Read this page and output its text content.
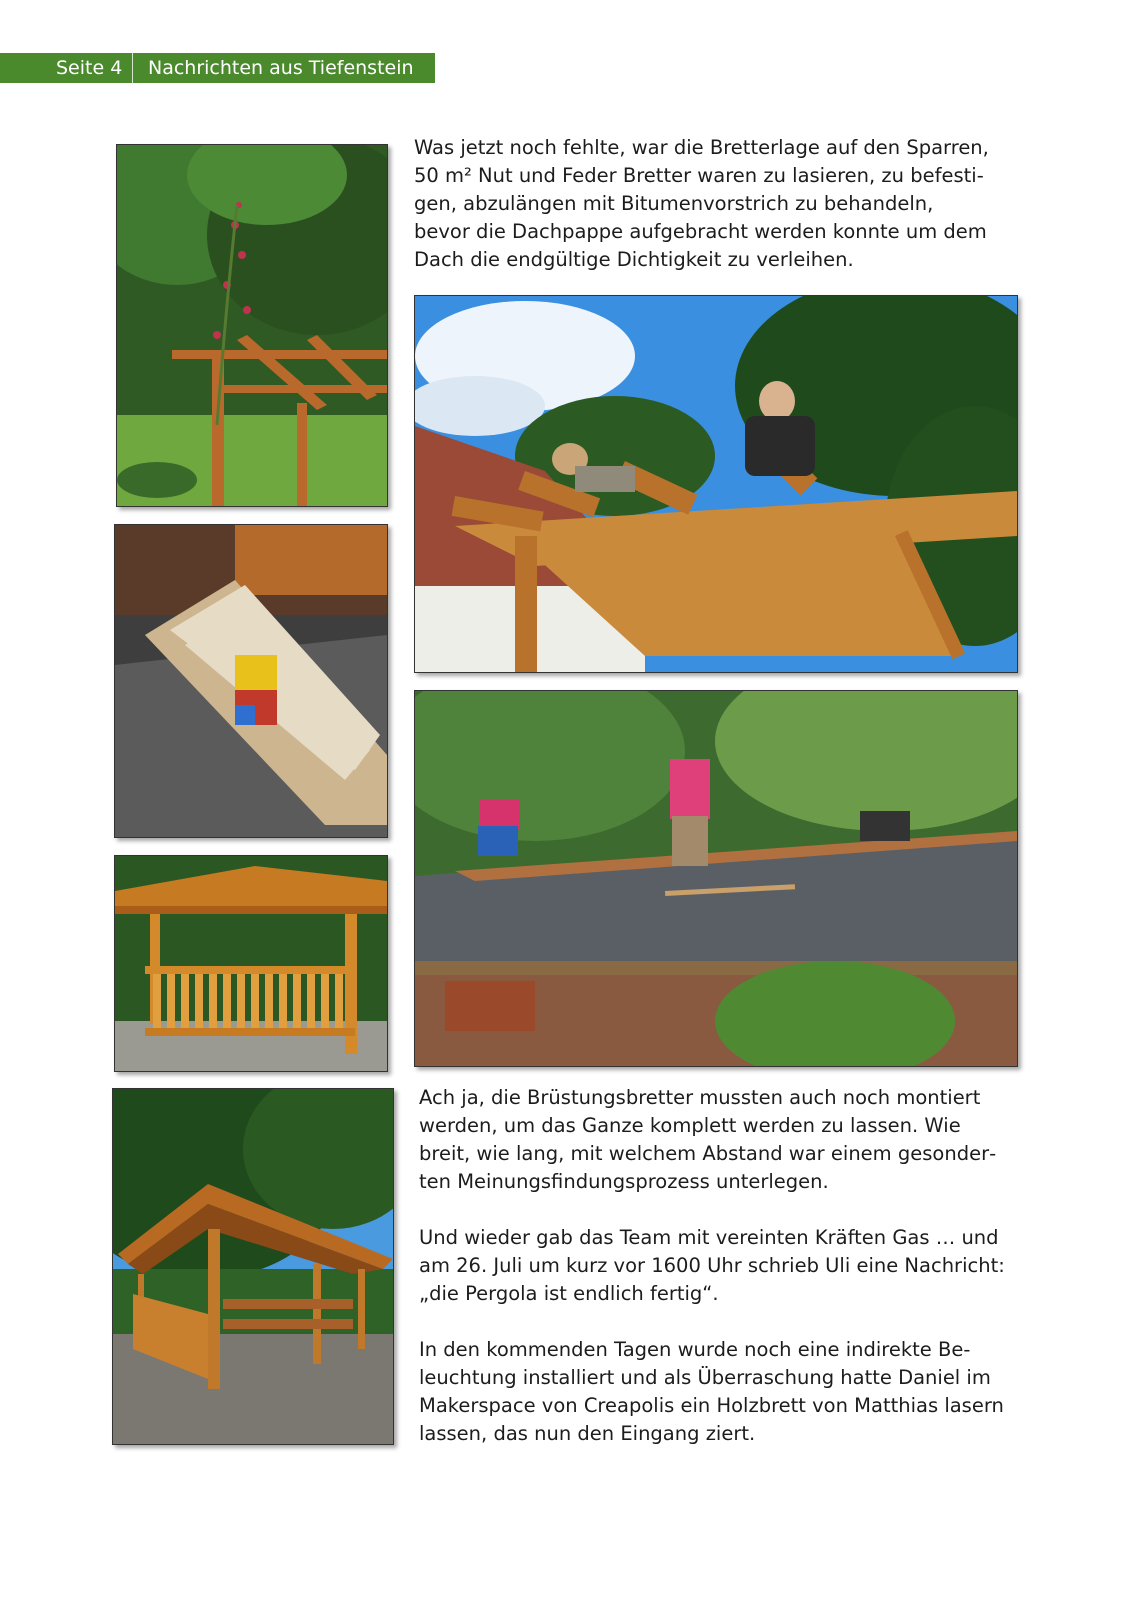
Seite 4	Nachrichten aus Tiefenstein

Was jetzt noch fehlte, war die Bretterlage auf den Sparren, 50 m² Nut und Feder Bretter waren zu lasieren, zu befestigen, abzulängen mit Bitumenvorstrich zu behandeln, bevor die Dachpappe aufgebracht werden konnte um dem Dach die endgültige Dichtigkeit zu verleihen.

Ach ja, die Brüstungsbretter mussten auch noch montiert werden, um das Ganze komplett werden zu lassen. Wie breit, wie lang, mit welchem Abstand war einem gesonderten Meinungsfindungsprozess unterlegen.

Und wieder gab das Team mit vereinten Kräften Gas … und am 26. Juli um kurz vor 1600 Uhr schrieb Uli eine Nachricht: „die Pergola ist endlich fertig“.

In den kommenden Tagen wurde noch eine indirekte Beleuchtung installiert und als Überraschung hatte Daniel im Makerspace von Creapolis ein Holzbrett von Matthias lasern lassen, das nun den Eingang ziert.
